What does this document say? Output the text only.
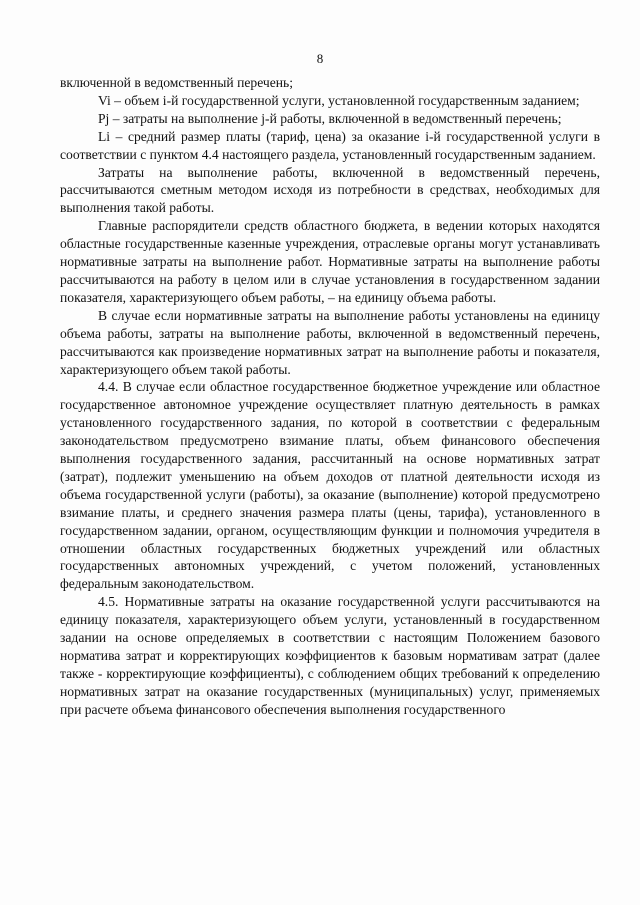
8

включенной в ведомственный перечень;

Vi – объем i-й государственной услуги, установленной государственным заданием;

Pj – затраты на выполнение j-й работы, включенной в ведомственный перечень;

Li – средний размер платы (тариф, цена) за оказание i-й государственной услуги в соответствии с пунктом 4.4 настоящего раздела, установленный государственным заданием.

Затраты на выполнение работы, включенной в ведомственный перечень, рассчитываются сметным методом исходя из потребности в средствах, необходимых для выполнения такой работы.

Главные распорядители средств областного бюджета, в ведении которых находятся областные государственные казенные учреждения, отраслевые органы могут устанавливать нормативные затраты на выполнение работ. Нормативные затраты на выполнение работы рассчитываются на работу в целом или в случае установления в государственном задании показателя, характеризующего объем работы, – на единицу объема работы.

В случае если нормативные затраты на выполнение работы установлены на единицу объема работы, затраты на выполнение работы, включенной в ведомственный перечень, рассчитываются как произведение нормативных затрат на выполнение работы и показателя, характеризующего объем такой работы.

4.4. В случае если областное государственное бюджетное учреждение или областное государственное автономное учреждение осуществляет платную деятельность в рамках установленного государственного задания, по которой в соответствии с федеральным законодательством предусмотрено взимание платы, объем финансового обеспечения выполнения государственного задания, рассчитанный на основе нормативных затрат (затрат), подлежит уменьшению на объем доходов от платной деятельности исходя из объема государственной услуги (работы), за оказание (выполнение) которой предусмотрено взимание платы, и среднего значения размера платы (цены, тарифа), установленного в государственном задании, органом, осуществляющим функции и полномочия учредителя в отношении областных государственных бюджетных учреждений или областных государственных автономных учреждений, с учетом положений, установленных федеральным законодательством.

4.5. Нормативные затраты на оказание государственной услуги рассчитываются на единицу показателя, характеризующего объем услуги, установленный в государственном задании на основе определяемых в соответствии с настоящим Положением базового норматива затрат и корректирующих коэффициентов к базовым нормативам затрат (далее также - корректирующие коэффициенты), с соблюдением общих требований к определению нормативных затрат на оказание государственных (муниципальных) услуг, применяемых при расчете объема финансового обеспечения выполнения государственного
